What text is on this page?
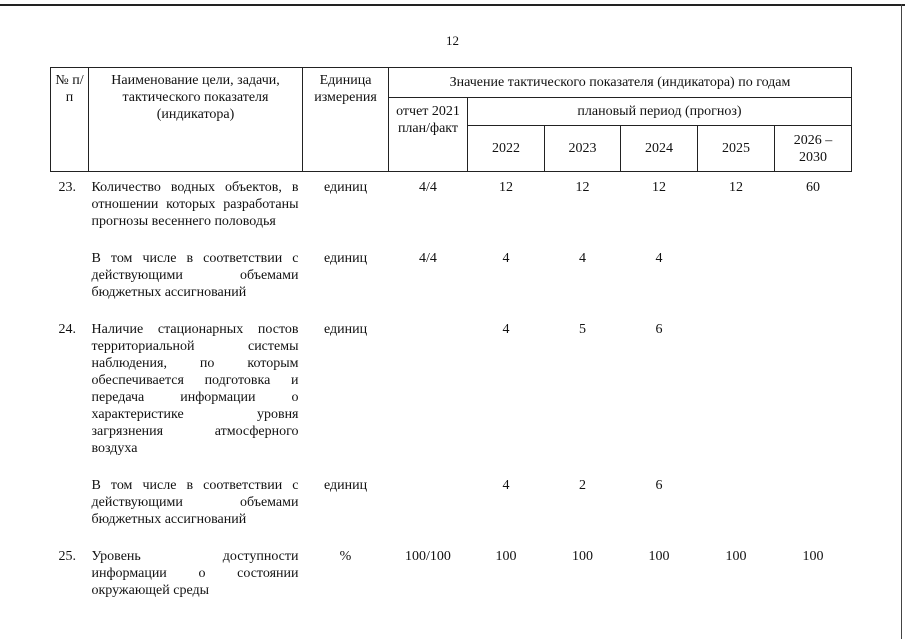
12
№ п/п	Наименование цели, задачи, тактического показателя (индикатора)	Единица измерения	Значение тактического показателя (индикатора) по годам					
			отчет 2021 план/факт	плановый период (прогноз)				
				2022	2023	2024	2025	2026 – 2030
23.	Количество водных объектов, в отношении которых разработаны прогнозы весеннего половодья	единиц	4/4	12	12	12	12	60
	В том числе в соответствии с действующими объемами бюджетных ассигнований	единиц	4/4	4	4	4		
24.	Наличие стационарных постов территориальной системы наблюдения, по которым обеспечивается подготовка и передача информации о характеристике уровня загрязнения атмосферного воздуха	единиц		4	5	6		
	В том числе в соответствии с действующими объемами бюджетных ассигнований	единиц		4	2	6		
25.	Уровень доступности информации о состоянии окружающей среды	%	100/100	100	100	100	100	100
